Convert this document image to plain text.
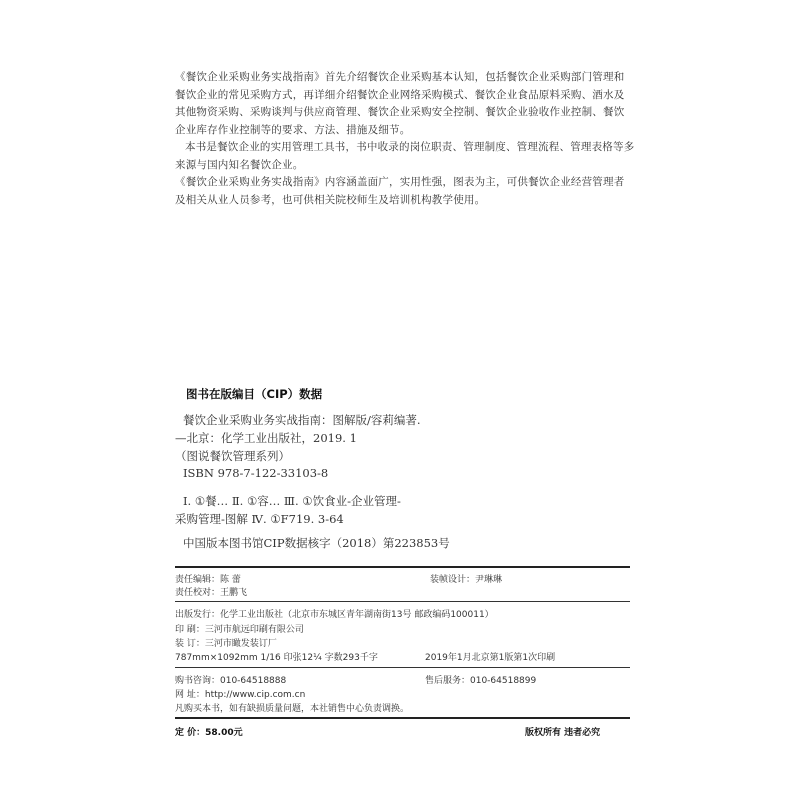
《餐饮企业采购业务实战指南》首先介绍餐饮企业采购基本认知，包括餐饮企业采购部门管理和餐饮企业的常见采购方式，再详细介绍餐饮企业网络采购模式、餐饮企业食品原料采购、酒水及其他物资采购、采购谈判与供应商管理、餐饮企业采购安全控制、餐饮企业验收作业控制、餐饮企业库存作业控制等的要求、方法、措施及细节。

本书是餐饮企业的实用管理工具书，书中收录的岗位职责、管理制度、管理流程、管理表格等多来源与国内知名餐饮企业。

《餐饮企业采购业务实战指南》内容涵盖面广，实用性强，图表为主，可供餐饮企业经营管理者及相关从业人员参考，也可供相关院校师生及培训机构教学使用。

图书在版编目（CIP）数据
餐饮企业采购业务实战指南：图解版/容莉编著.
—北京：化学工业出版社，2019. 1
（图说餐饮管理系列）
ISBN 978-7-122-33103-8
Ⅰ. ①餐… Ⅱ. ①容… Ⅲ. ①饮食业-企业管理-
采购管理-图解 Ⅳ. ①F719. 3-64
中国版本图书馆CIP数据核字（2018）第223853号
责任编辑：陈 蕾	装帧设计：尹琳琳
责任校对：王鹏飞
出版发行：化学工业出版社（北京市东城区青年湖南街13号 邮政编码100011）
印 刷：三河市航远印刷有限公司
装 订：三河市瞰发装订厂
787mm×1092mm 1/16 印张12¼ 字数293千字	2019年1月北京第1版第1次印刷
购书咨询：010-64518888	售后服务：010-64518899
网 址：http://www.cip.com.cn
凡购买本书，如有缺损质量问题，本社销售中心负责调换。
定 价：58.00元	版权所有 违者必究
